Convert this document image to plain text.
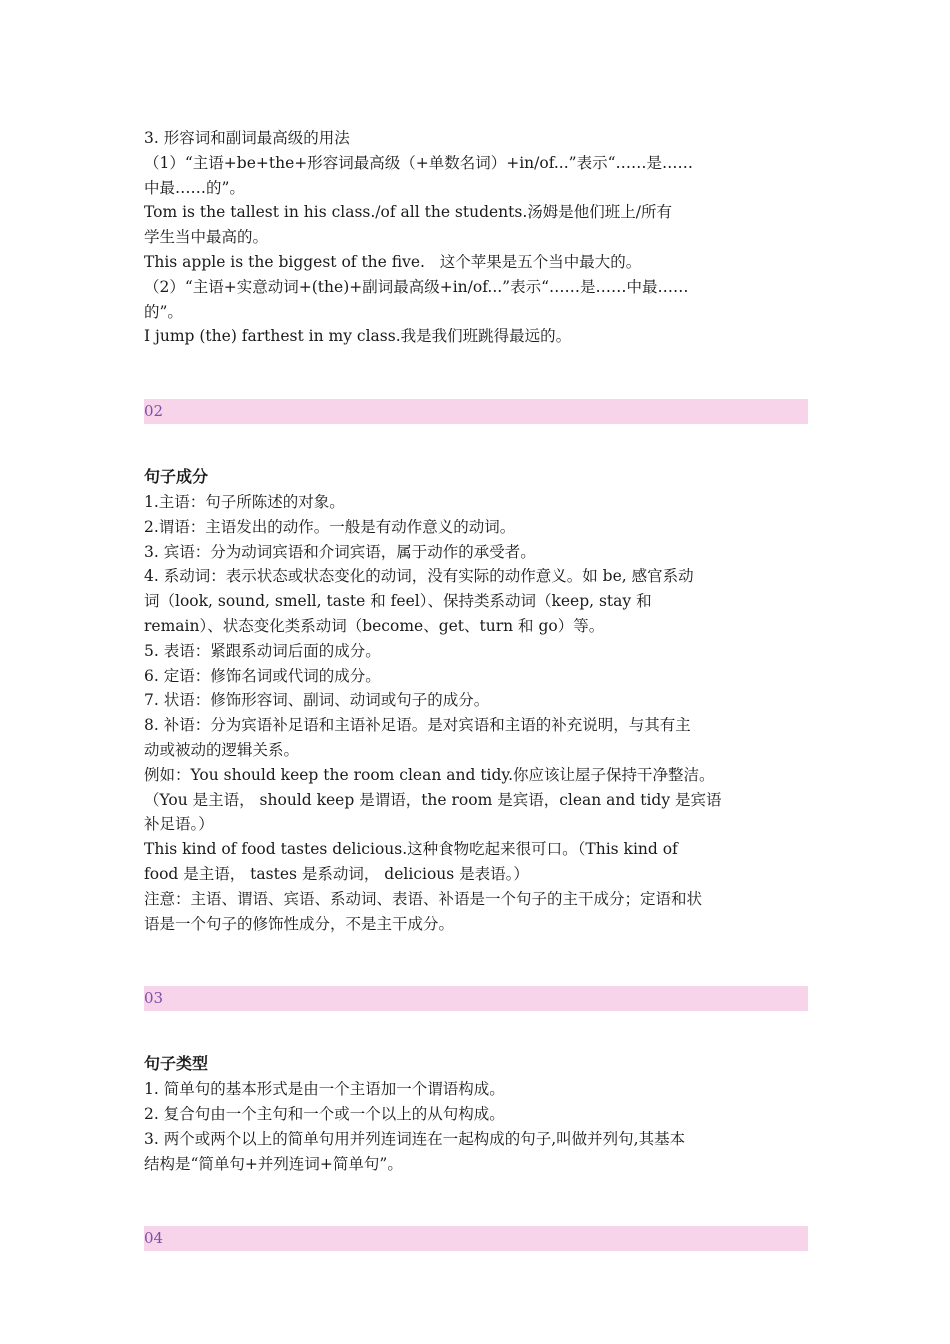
3. 形容词和副词最高级的用法

（1）“主语+be+the+形容词最高级（+单数名词）+in/of...”表示“……是……

中最……的”。

Tom is the tallest in his class./of all the students.汤姆是他们班上/所有

学生当中最高的。

This apple is the biggest of the five.   这个苹果是五个当中最大的。

（2）“主语+实意动词+(the)+副词最高级+in/of...”表示“……是……中最……

的”。

I jump (the) farthest in my class.我是我们班跳得最远的。

02

句子成分

1.主语：句子所陈述的对象。

2.谓语：主语发出的动作。一般是有动作意义的动词。

3. 宾语：分为动词宾语和介词宾语，属于动作的承受者。

4. 系动词：表示状态或状态变化的动词，没有实际的动作意义。如 be, 感官系动

词（look, sound, smell, taste 和 feel）、保持类系动词（keep, stay 和

remain）、状态变化类系动词（become、get、turn 和 go）等。

5. 表语：紧跟系动词后面的成分。

6. 定语：修饰名词或代词的成分。

7. 状语：修饰形容词、副词、动词或句子的成分。

8. 补语：分为宾语补足语和主语补足语。是对宾语和主语的补充说明，与其有主

动或被动的逻辑关系。

例如：You should keep the room clean and tidy.你应该让屋子保持干净整洁。

（You 是主语， should keep 是谓语，the room 是宾语，clean and tidy 是宾语

补足语。）

This kind of food tastes delicious.这种食物吃起来很可口。（This kind of

food 是主语， tastes 是系动词， delicious 是表语。）

注意：主语、谓语、宾语、系动词、表语、补语是一个句子的主干成分；定语和状

语是一个句子的修饰性成分，不是主干成分。

03

句子类型

1. 简单句的基本形式是由一个主语加一个谓语构成。

2. 复合句由一个主句和一个或一个以上的从句构成。

3. 两个或两个以上的简单句用并列连词连在一起构成的句子,叫做并列句,其基本

结构是“简单句+并列连词+简单句”。

04
